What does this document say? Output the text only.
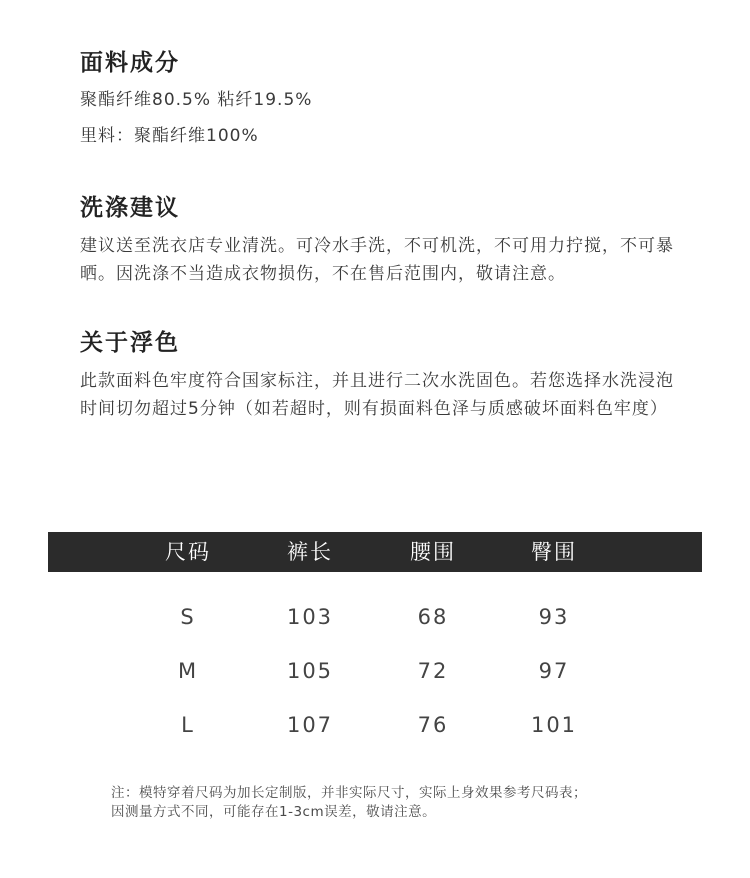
面料成分
聚酯纤维80.5% 粘纤19.5%
里料：聚酯纤维100%
洗涤建议
建议送至洗衣店专业清洗。可冷水手洗，不可机洗，不可用力拧搅，不可暴晒。因洗涤不当造成衣物损伤，不在售后范围内，敬请注意。
关于浮色
此款面料色牢度符合国家标注，并且进行二次水洗固色。若您选择水洗浸泡时间切勿超过5分钟（如若超时，则有损面料色泽与质感破坏面料色牢度）
尺码	裤长	腰围	臀围
S	103	68	93
M	105	72	97
L	107	76	101
注：模特穿着尺码为加长定制版，并非实际尺寸，实际上身效果参考尺码表；
因测量方式不同，可能存在1-3cm误差，敬请注意。
